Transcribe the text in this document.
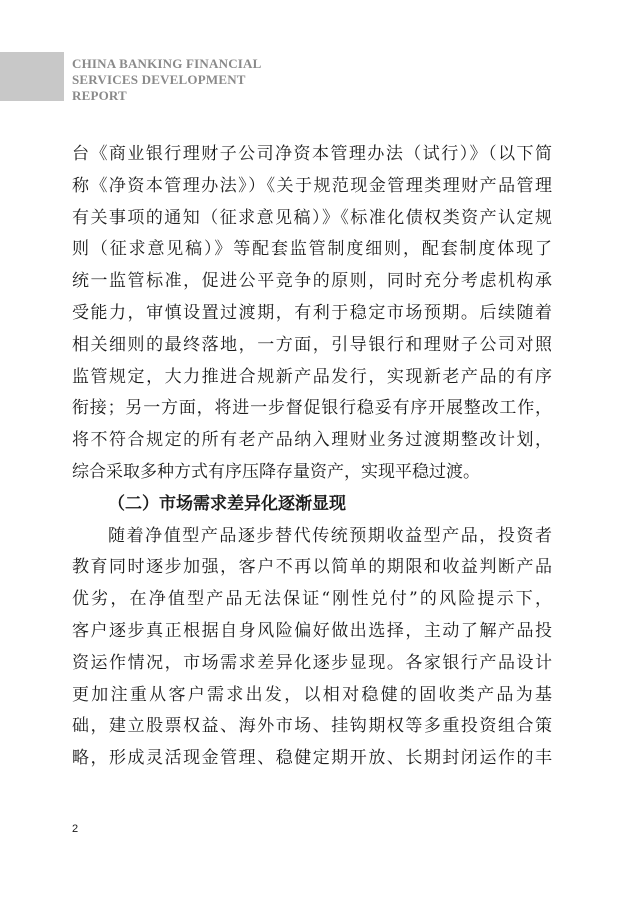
CHINA BANKING FINANCIAL
SERVICES DEVELOPMENT
REPORT
台《商业银行理财子公司净资本管理办法（试行）》（以下简
称《净资本管理办法》）《关于规范现金管理类理财产品管理
有关事项的通知（征求意见稿）》《标准化债权类资产认定规
则（征求意见稿）》等配套监管制度细则，配套制度体现了
统一监管标准，促进公平竞争的原则，同时充分考虑机构承
受能力，审慎设置过渡期，有利于稳定市场预期。后续随着
相关细则的最终落地，一方面，引导银行和理财子公司对照
监管规定，大力推进合规新产品发行，实现新老产品的有序
衔接；另一方面，将进一步督促银行稳妥有序开展整改工作，
将不符合规定的所有老产品纳入理财业务过渡期整改计划，
综合采取多种方式有序压降存量资产，实现平稳过渡。
（二）市场需求差异化逐渐显现
随着净值型产品逐步替代传统预期收益型产品，投资者
教育同时逐步加强，客户不再以简单的期限和收益判断产品
优劣，在净值型产品无法保证“刚性兑付”的风险提示下，
客户逐步真正根据自身风险偏好做出选择，主动了解产品投
资运作情况，市场需求差异化逐步显现。各家银行产品设计
更加注重从客户需求出发，以相对稳健的固收类产品为基
础，建立股票权益、海外市场、挂钩期权等多重投资组合策
略，形成灵活现金管理、稳健定期开放、长期封闭运作的丰
2
